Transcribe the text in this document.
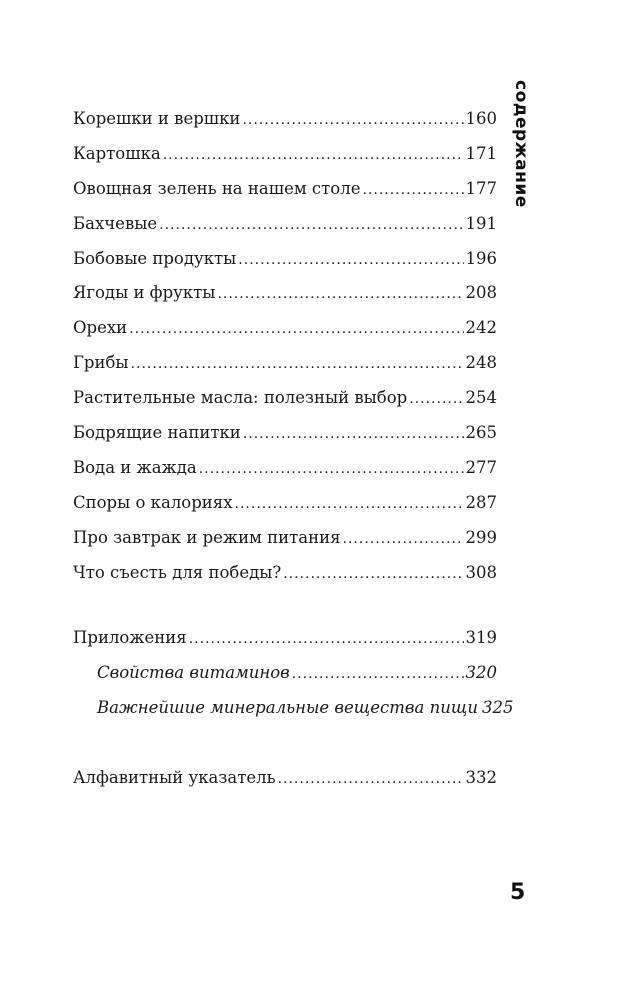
содержание
Корешки и вершки .....	160
Картошка .....	171
Овощная зелень на нашем столе .....	177
Бахчевые .....	191
Бобовые продукты .....	196
Ягоды и фрукты .....	208
Орехи .....	242
Грибы .....	248
Растительные масла: полезный выбор .....	254
Бодрящие напитки .....	265
Вода и жажда .....	277
Споры о калориях .....	287
Про завтрак и режим питания .....	299
Что съесть для победы? .....	308
Приложения .....	319
Свойства витаминов .....	320
Важнейшие минеральные вещества пищи 325
Алфавитный указатель .....	332
5
